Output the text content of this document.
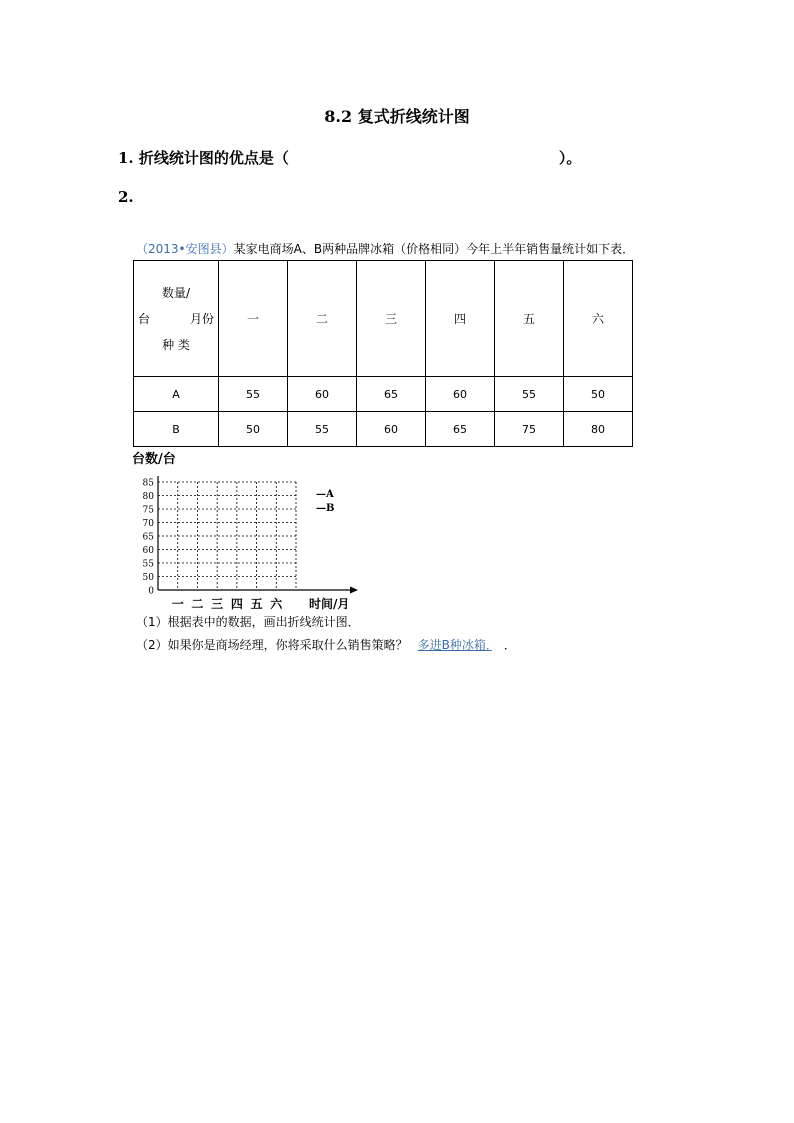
8.2 复式折线统计图
1. 折线统计图的优点是（	）。
2.
（2013•安图县）某家电商场A、B两种品牌冰箱（价格相同）今年上半年销售量统计如下表．
数量/
台 月份
种 类	一	二	三	四	五	六
A	55	60	65	60	55	50
B	50	55	60	65	75	80
台数/台
0
50
55
60
65
70
75
80
85
一 二 三 四 五 六 时间/月
—A
—B
（1）根据表中的数据，画出折线统计图．
（2）如果你是商场经理，你将采取什么销售策略？ 多进B种冰箱． ．
